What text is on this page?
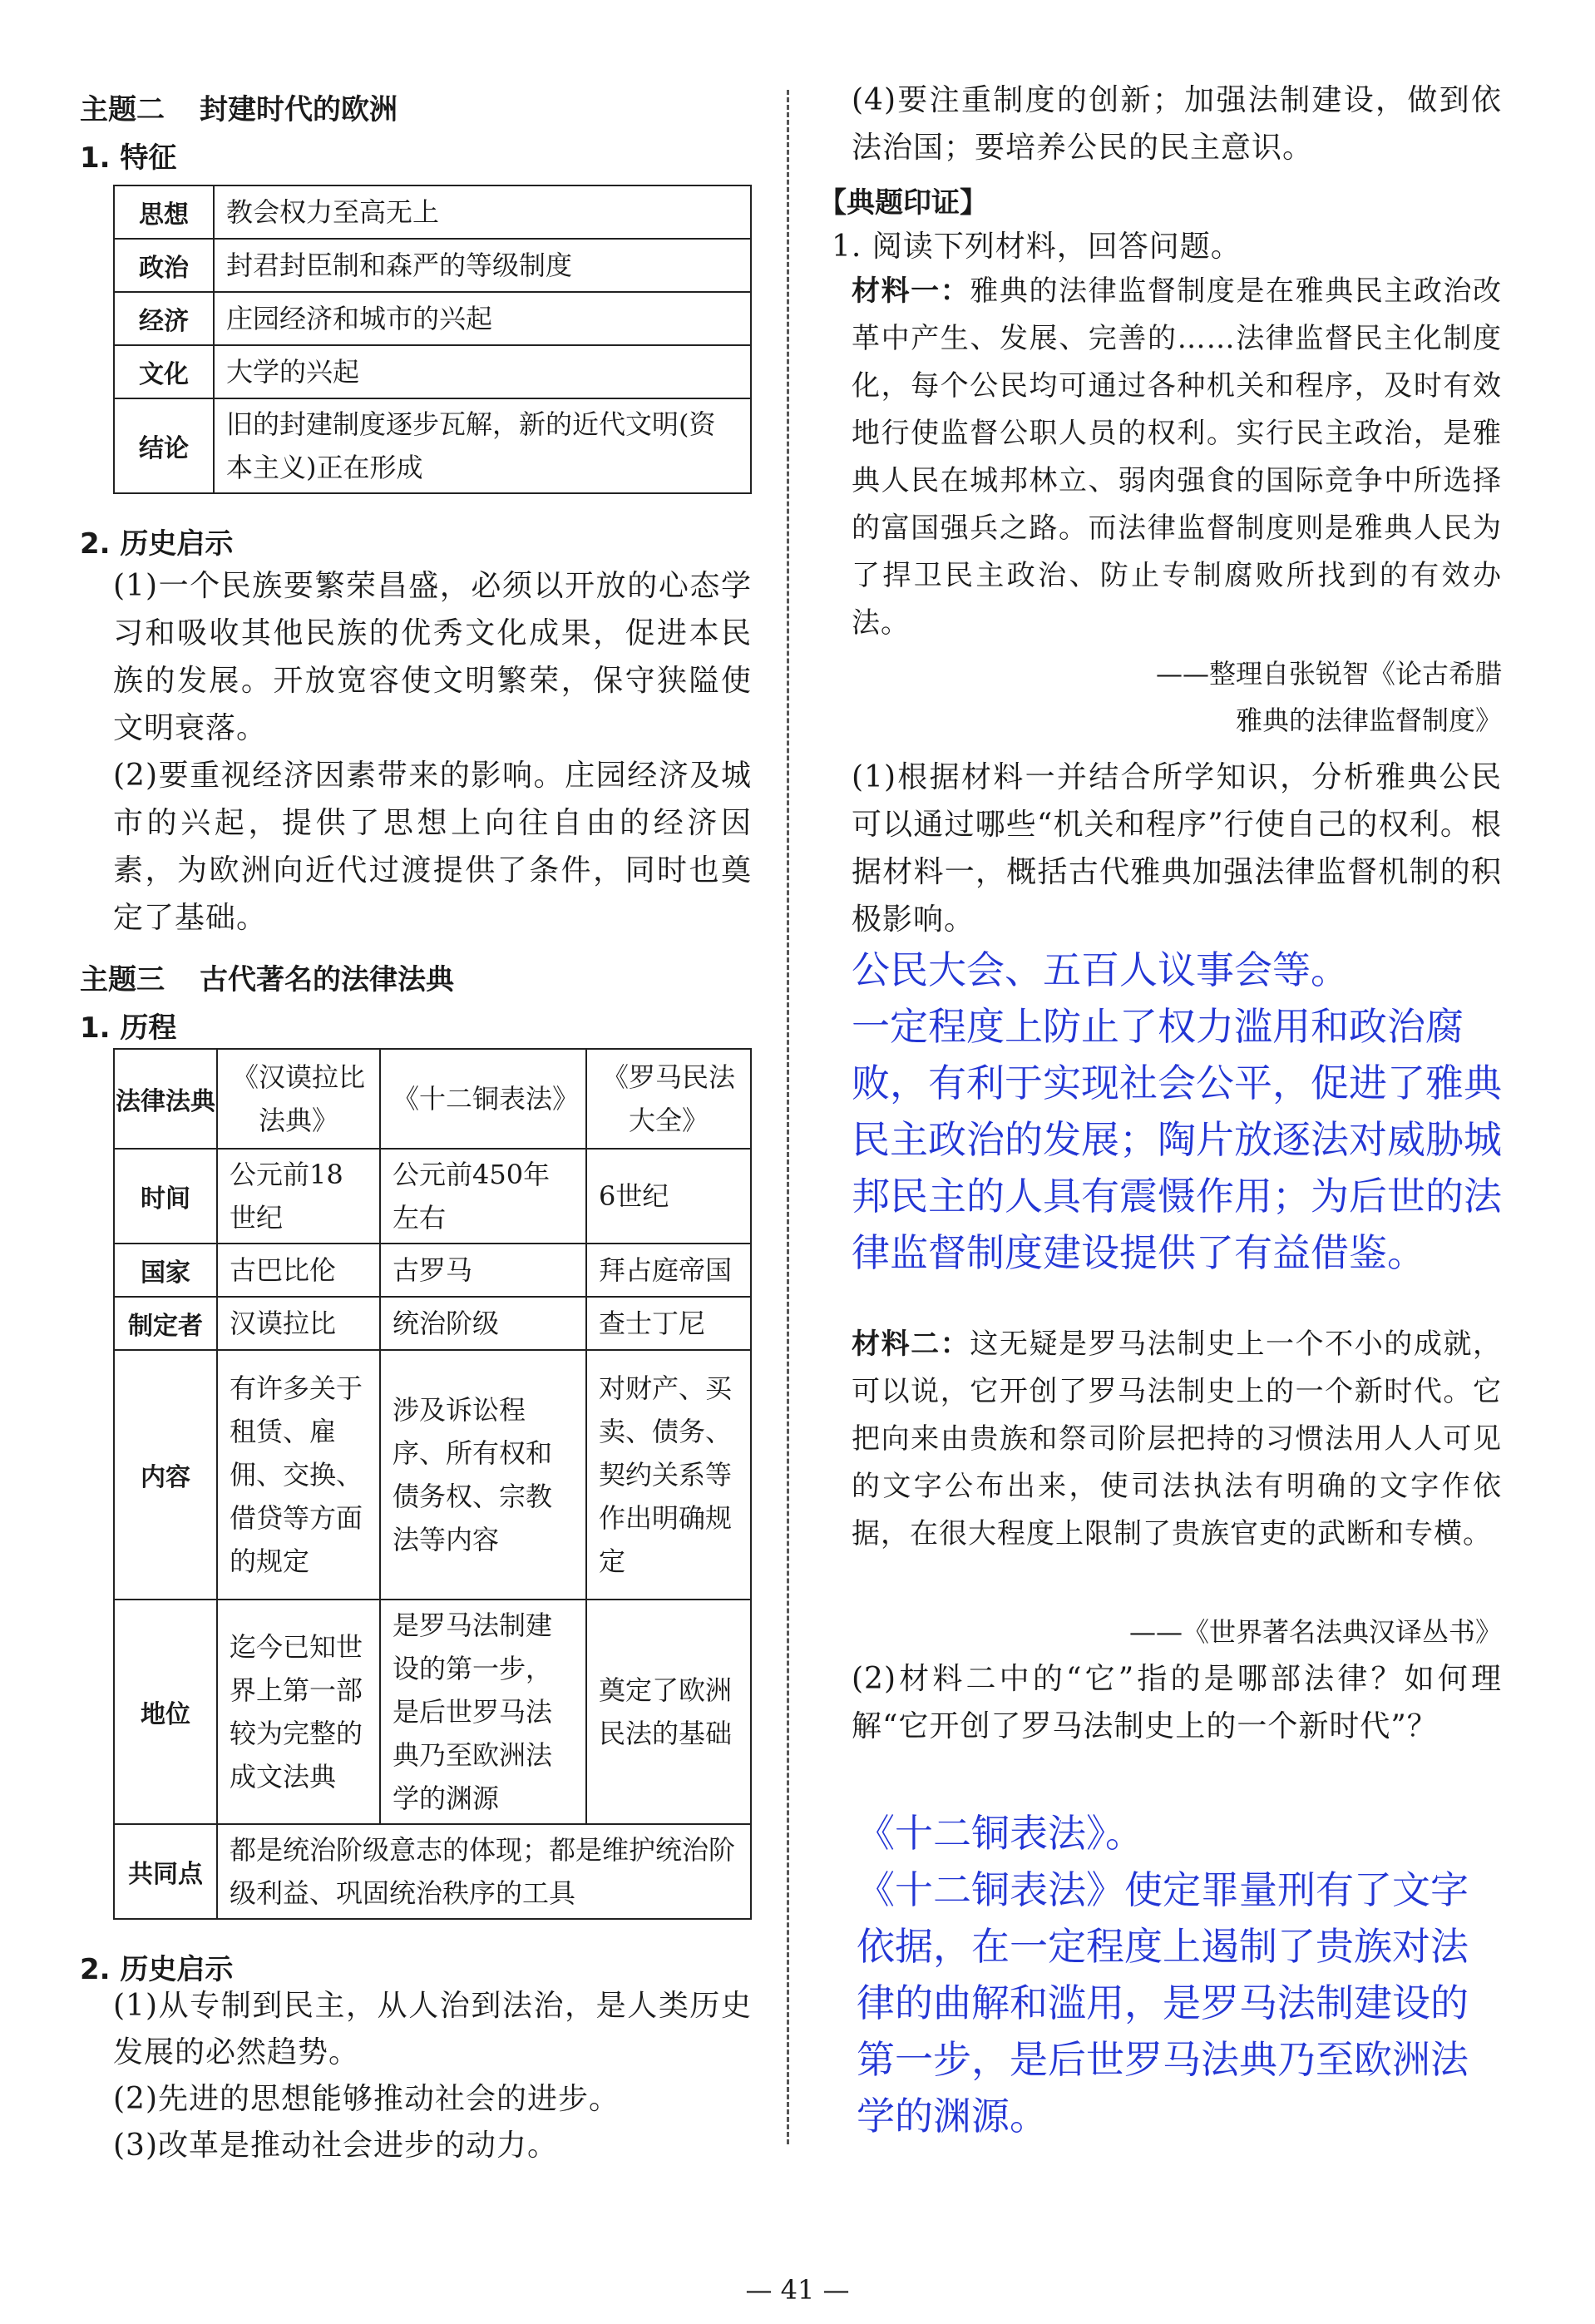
主题二 封建时代的欧洲
1. 特征
思想	教会权力至高无上
政治	封君封臣制和森严的等级制度
经济	庄园经济和城市的兴起
文化	大学的兴起
结论	旧的封建制度逐步瓦解，新的近代文明(资本主义)正在形成
2. 历史启示

(1)一个民族要繁荣昌盛，必须以开放的心态学习和吸收其他民族的优秀文化成果，促进本民族的发展。开放宽容使文明繁荣，保守狭隘使文明衰落。

(2)要重视经济因素带来的影响。庄园经济及城市的兴起，提供了思想上向往自由的经济因素，为欧洲向近代过渡提供了条件，同时也奠定了基础。

主题三 古代著名的法律法典
1. 历程
法律法典	《汉谟拉比法典》	《十二铜表法》	《罗马民法大全》
时间	公元前18世纪	公元前450年左右	6世纪
国家	古巴比伦	古罗马	拜占庭帝国
制定者	汉谟拉比	统治阶级	查士丁尼
内容	有许多关于租赁、雇佣、交换、借贷等方面的规定	涉及诉讼程序、所有权和债务权、宗教法等内容	对财产、买卖、债务、契约关系等作出明确规定
地位	迄今已知世界上第一部较为完整的成文法典	是罗马法制建设的第一步，是后世罗马法典乃至欧洲法学的渊源	奠定了欧洲民法的基础
共同点	都是统治阶级意志的体现；都是维护统治阶级利益、巩固统治秩序的工具		
2. 历史启示

(1)从专制到民主，从人治到法治，是人类历史发展的必然趋势。

(2)先进的思想能够推动社会的进步。

(3)改革是推动社会进步的动力。

(4)要注重制度的创新；加强法制建设，做到依法治国；要培养公民的民主意识。
【典题印证】
1. 阅读下列材料，回答问题。
材料一：雅典的法律监督制度是在雅典民主政治改革中产生、发展、完善的……法律监督民主化制度化，每个公民均可通过各种机关和程序，及时有效地行使监督公职人员的权利。实行民主政治，是雅典人民在城邦林立、弱肉强食的国际竞争中所选择的富国强兵之路。而法律监督制度则是雅典人民为了捍卫民主政治、防止专制腐败所找到的有效办法。
——整理自张锐智《论古希腊
雅典的法律监督制度》
(1)根据材料一并结合所学知识，分析雅典公民可以通过哪些“机关和程序”行使自己的权利。根据材料一，概括古代雅典加强法律监督机制的积极影响。

公民大会、五百人议事会等。

一定程度上防止了权力滥用和政治腐败，有利于实现社会公平，促进了雅典民主政治的发展；陶片放逐法对威胁城邦民主的人具有震慑作用；为后世的法律监督制度建设提供了有益借鉴。

材料二：这无疑是罗马法制史上一个不小的成就，可以说，它开创了罗马法制史上的一个新时代。它把向来由贵族和祭司阶层把持的习惯法用人人可见的文字公布出来，使司法执法有明确的文字作依据，在很大程度上限制了贵族官吏的武断和专横。
——《世界著名法典汉译丛书》
(2)材料二中的“它”指的是哪部法律？如何理解“它开创了罗马法制史上的一个新时代”？

《十二铜表法》。

《十二铜表法》使定罪量刑有了文字依据，在一定程度上遏制了贵族对法律的曲解和滥用，是罗马法制建设的第一步，是后世罗马法典乃至欧洲法学的渊源。

— 41 —
